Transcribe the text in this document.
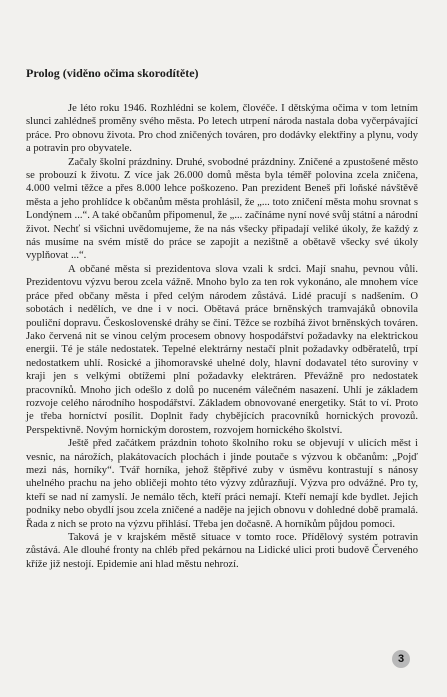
Prolog (viděno očima skorodítěte)

Je léto roku 1946. Rozhlédni se kolem, človéče. I dětskýma očima v tom letním slunci zahlédneš proměny svého města. Po letech utrpení národa nastala doba vyčerpávající práce. Pro obnovu života. Pro chod zničených továren, pro dodávky elektřiny a plynu, vody a potravin pro obyvatele.

Začaly školní prázdniny. Druhé, svobodné prázdniny. Zničené a zpustošené město se probouzí k životu. Z více jak 26.000 domů města byla téměř polovina zcela zničena, 4.000 velmi těžce a přes 8.000 lehce poškozeno. Pan prezident Beneš při loňské návštěvě města a jeho prohlídce k občanům města prohlásil, že „... toto zničení města mohu srovnat s Londýnem ...“. A také občanům připomenul, že „... začínáme nyní nové svůj státní a národní život. Nechť si všichni uvědomujeme, že na nás všecky připadají veliké úkoly, že každý z nás musíme na svém místě do práce se zapojit a nezištně a obětavě všecky své úkoly vyplňovat ...“.

A občané města si prezidentova slova vzali k srdci. Mají snahu, pevnou vůli. Prezidentovu výzvu berou zcela vážně. Mnoho bylo za ten rok vykonáno, ale mnohem více práce před občany města i před celým národem zůstává. Lidé pracují s nadšením. O sobotách i nedělích, ve dne i v noci. Obětavá práce brněnských tramvajáků obnovila pouliční dopravu. Československé dráhy se činí. Těžce se rozbíhá život brněnských továren. Jako červená nit se vinou celým procesem obnovy hospodářství požadavky na elektrickou energii. Té je stále nedostatek. Tepelné elektrárny nestačí plnit požadavky odběratelů, trpí nedostatkem uhlí. Rosické a jihomoravské uhelné doly, hlavní dodavatel této suroviny v kraji jen s velkými obtížemi plní požadavky elektráren. Převážně pro nedostatek pracovníků. Mnoho jich odešlo z dolů po nuceném válečném nasazení. Uhlí je základem rozvoje celého národního hospodářství. Základem obnovované energetiky. Stát to ví. Proto je třeba horníctví posílit. Doplnit řady chybějících pracovníků hornických provozů. Perspektivně. Novým hornickým dorostem, rozvojem hornického školství.

Ještě před začátkem prázdnin tohoto školního roku se objevují v ulicích měst i vesnic, na nárožích, plakátovacích plochách i jinde poutače s výzvou k občanům: „Pojď mezi nás, horníky“. Tvář horníka, jehož štěpřivé zuby v úsměvu kontrastují s nánosy uhelného prachu na jeho obličeji mohto této výzvy zdůrazňují. Výzva pro odvážné. Pro ty, kteří se nad ní zamyslí. Je nemálo těch, kteří práci nemají. Kteří nemají kde bydlet. Jejich podniky nebo obydlí jsou zcela zničené a naděje na jejich obnovu v dohledné době pramalá. Řada z nich se proto na výzvu přihlásí. Třeba jen dočasně. A horníkům půjdou pomoci.

Taková je v krajském městě situace v tomto roce. Přídělový systém potravin zůstává. Ale dlouhé fronty na chléb před pekárnou na Lidické ulici proti budově Červeného kříže již nestojí. Epidemie ani hlad městu nehrozí.

3
